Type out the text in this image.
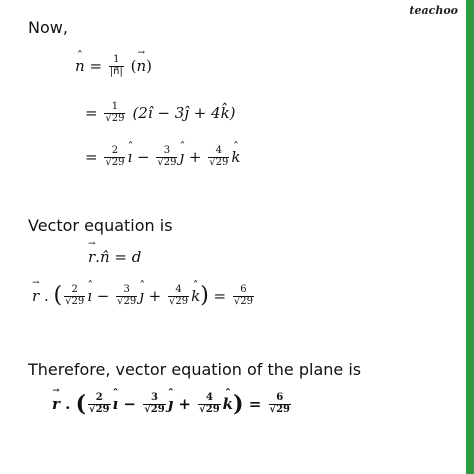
teachoo
Now,
n ˆ = $\frac{1}{|n⃗|}$ ( n → )
= $\frac{1}{√29}$ (2î − 3ĵ + 4k̂)
= $\frac{2}{√29}$ ı ˆ − $\frac{3}{√29}$ ȷ ˆ + $\frac{4}{√29}$ k ˆ
Vector equation is
r → .n̂ = d
r → . ( $\frac{2}{√29}$ ı ˆ − $\frac{3}{√29}$ ȷ ˆ + $\frac{4}{√29}$ k ˆ ) = $\frac{6}{√29}$
Therefore, vector equation of the plane is
r → . ( $\frac{2}{√29}$ ı ˆ − $\frac{3}{√29}$ ȷ ˆ + $\frac{4}{√29}$ k ˆ ) = $\frac{6}{√29}$
